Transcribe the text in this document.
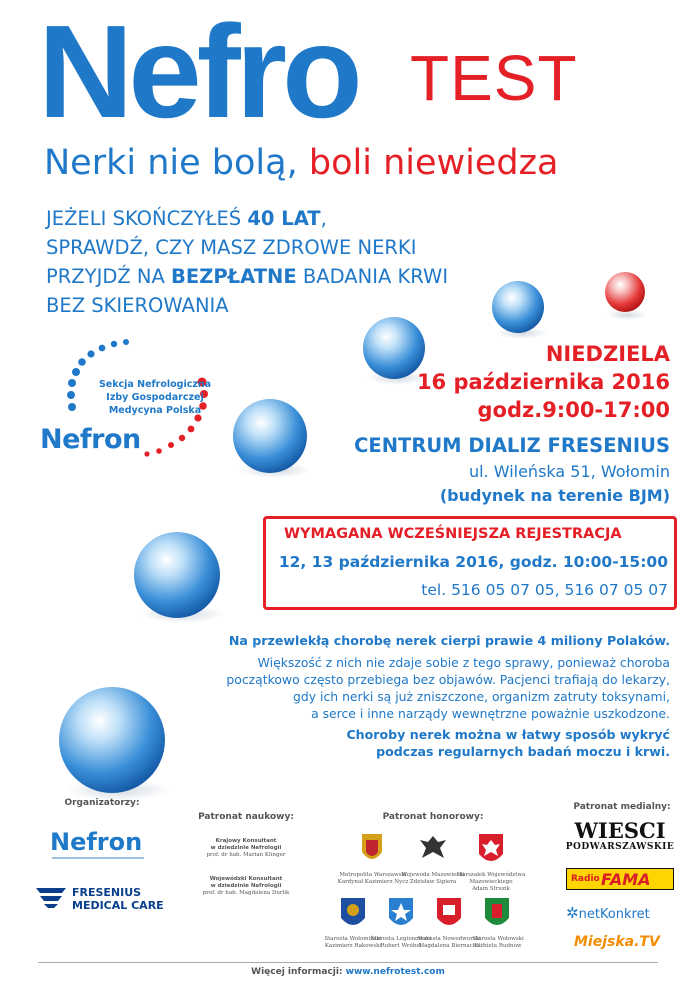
Nefro TEST
Nerki nie bolą, boli niewiedza
JEŻELI SKOŃCZYŁEŚ 40 LAT,
SPRAWDŹ, CZY MASZ ZDROWE NERKI
PRZYJDŹ NA BEZPŁATNE BADANIA KRWI
BEZ SKIEROWANIA
Sekcja Nefrologiczna
Izby Gospodarczej
Medycyna Polska
Nefron
NIEDZIELA
16 października 2016
godz.9:00-17:00
CENTRUM DIALIZ FRESENIUS
ul. Wileńska 51, Wołomin
(budynek na terenie BJM)
WYMAGANA WCZEŚNIEJSZA REJESTRACJA
12, 13 października 2016, godz. 10:00-15:00
tel. 516 05 07 05, 516 07 05 07
Na przewlekłą chorobę nerek cierpi prawie 4 miliony Polaków.
Większość z nich nie zdaje sobie z tego sprawy, ponieważ choroba
początkowo często przebiega bez objawów. Pacjenci trafiają do lekarzy,
gdy ich nerki są już zniszczone, organizm zatruty toksynami,
a serce i inne narządy wewnętrzne poważnie uszkodzone.
Choroby nerek można w łatwy sposób wykryć
podczas regularnych badań moczu i krwi.
Organizatorzy:
Nefron
FRESENIUS
MEDICAL CARE
Patronat naukowy:
Krajowy Konsultant
w dziedzinie Nefrologii
prof. dr hab. Marian Klinger
Wojewódzki Konsultant
w dziedzinie Nefrologii
prof. dr hab. Magdalena Durlik
Patronat honorowy:
Metropolita Warszawski
Kardynał Kazimierz Nycz
Wojewoda Mazowiecki
Zdzisław Sipiera
Marszałek Województwa
Mazowieckiego
Adam Struzik
Starosta Wołomiński
Kazimierz Rakowski
Starosta Legionowski
Robert Wróbel
Starosta Nowodworski
Magdalena Biernacka
Starosta Wołowski
Elżbieta Rudnow
Patronat medialny:
WIESCI
PODWARSZAWSKIE
Radio FAMA
✲netKonkret
Miejska.TV
Więcej informacji: www.nefrotest.com
